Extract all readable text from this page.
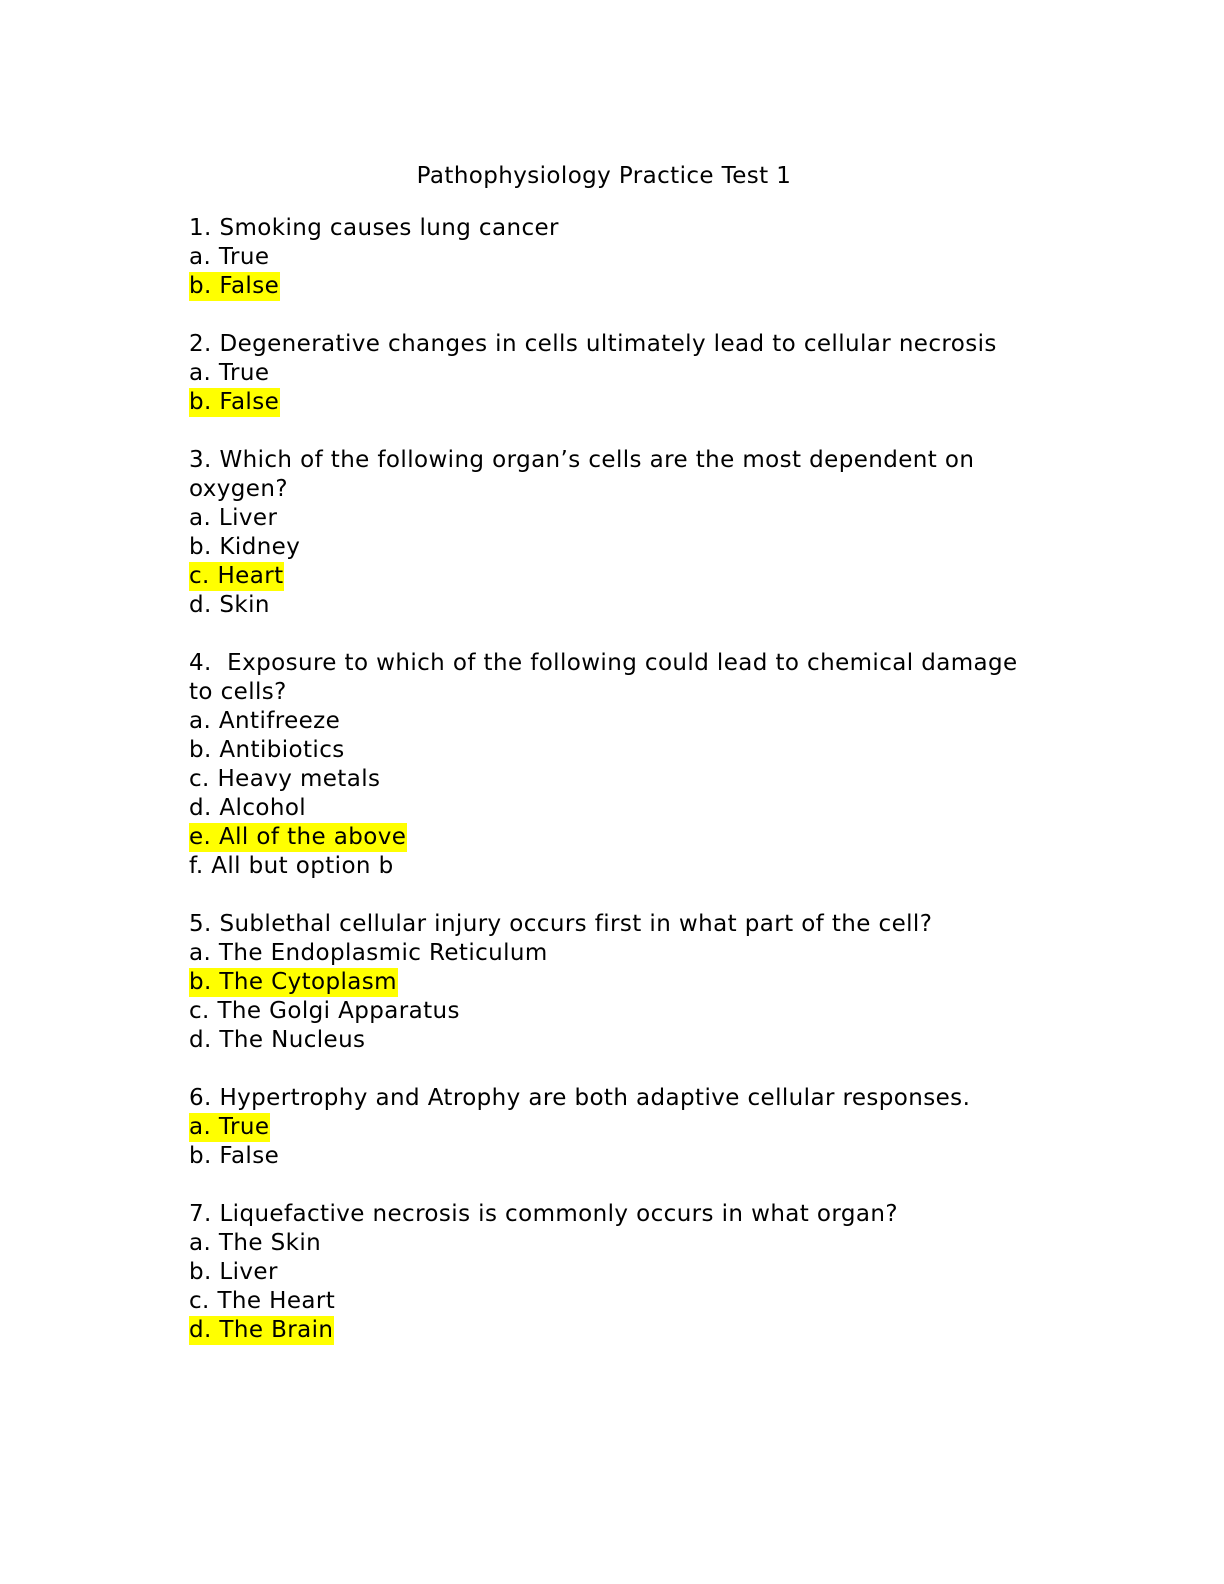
Pathophysiology Practice Test 1
1. Smoking causes lung cancer
a. True
b. False
2. Degenerative changes in cells ultimately lead to cellular necrosis
a. True
b. False
3. Which of the following organ’s cells are the most dependent on oxygen?
a. Liver
b. Kidney
c. Heart
d. Skin
4.  Exposure to which of the following could lead to chemical damage to cells?
a. Antifreeze
b. Antibiotics
c. Heavy metals
d. Alcohol
e. All of the above
f. All but option b
5. Sublethal cellular injury occurs first in what part of the cell?
a. The Endoplasmic Reticulum
b. The Cytoplasm
c. The Golgi Apparatus
d. The Nucleus
6. Hypertrophy and Atrophy are both adaptive cellular responses.
a. True
b. False
7. Liquefactive necrosis is commonly occurs in what organ?
a. The Skin
b. Liver
c. The Heart
d. The Brain
